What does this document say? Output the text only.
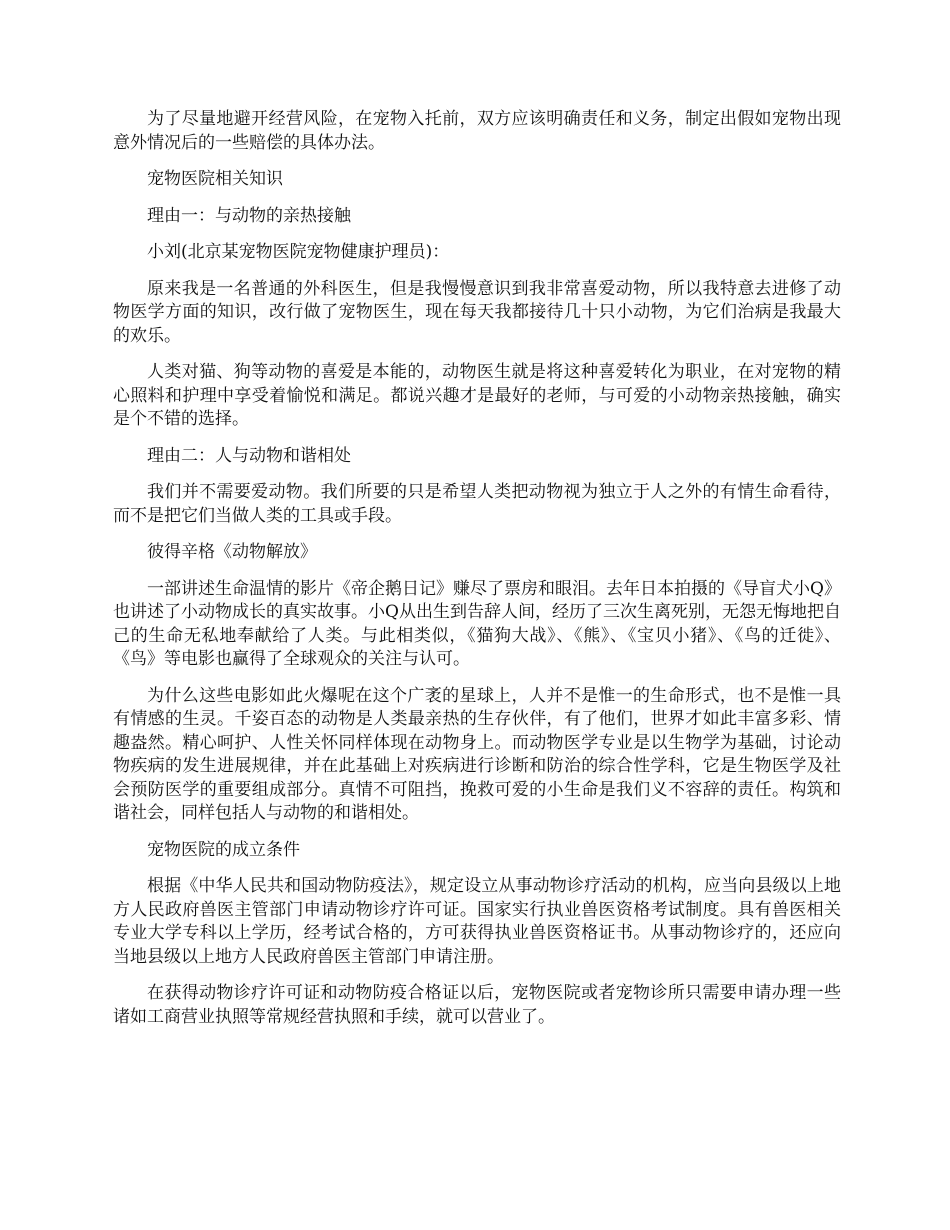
为了尽量地避开经营风险，在宠物入托前，双方应该明确责任和义务，制定出假如宠物出现意外情况后的一些赔偿的具体办法。

宠物医院相关知识

理由一：与动物的亲热接触

小刘(北京某宠物医院宠物健康护理员)：

原来我是一名普通的外科医生，但是我慢慢意识到我非常喜爱动物，所以我特意去进修了动物医学方面的知识，改行做了宠物医生，现在每天我都接待几十只小动物，为它们治病是我最大的欢乐。

人类对猫、狗等动物的喜爱是本能的，动物医生就是将这种喜爱转化为职业，在对宠物的精心照料和护理中享受着愉悦和满足。都说兴趣才是最好的老师，与可爱的小动物亲热接触，确实是个不错的选择。

理由二：人与动物和谐相处

我们并不需要爱动物。我们所要的只是希望人类把动物视为独立于人之外的有情生命看待，而不是把它们当做人类的工具或手段。

彼得辛格《动物解放》

一部讲述生命温情的影片《帝企鹅日记》赚尽了票房和眼泪。去年日本拍摄的《导盲犬小Q》也讲述了小动物成长的真实故事。小Q从出生到告辞人间，经历了三次生离死别，无怨无悔地把自己的生命无私地奉献给了人类。与此相类似，《猫狗大战》、《熊》、《宝贝小猪》、《鸟的迁徙》、《鸟》等电影也赢得了全球观众的关注与认可。

为什么这些电影如此火爆呢在这个广袤的星球上，人并不是惟一的生命形式，也不是惟一具有情感的生灵。千姿百态的动物是人类最亲热的生存伙伴，有了他们，世界才如此丰富多彩、情趣盎然。精心呵护、人性关怀同样体现在动物身上。而动物医学专业是以生物学为基础，讨论动物疾病的发生进展规律，并在此基础上对疾病进行诊断和防治的综合性学科，它是生物医学及社会预防医学的重要组成部分。真情不可阻挡，挽救可爱的小生命是我们义不容辞的责任。构筑和谐社会，同样包括人与动物的和谐相处。

宠物医院的成立条件

根据《中华人民共和国动物防疫法》，规定设立从事动物诊疗活动的机构，应当向县级以上地方人民政府兽医主管部门申请动物诊疗许可证。国家实行执业兽医资格考试制度。具有兽医相关专业大学专科以上学历，经考试合格的，方可获得执业兽医资格证书。从事动物诊疗的，还应向当地县级以上地方人民政府兽医主管部门申请注册。

在获得动物诊疗许可证和动物防疫合格证以后，宠物医院或者宠物诊所只需要申请办理一些诸如工商营业执照等常规经营执照和手续，就可以营业了。
